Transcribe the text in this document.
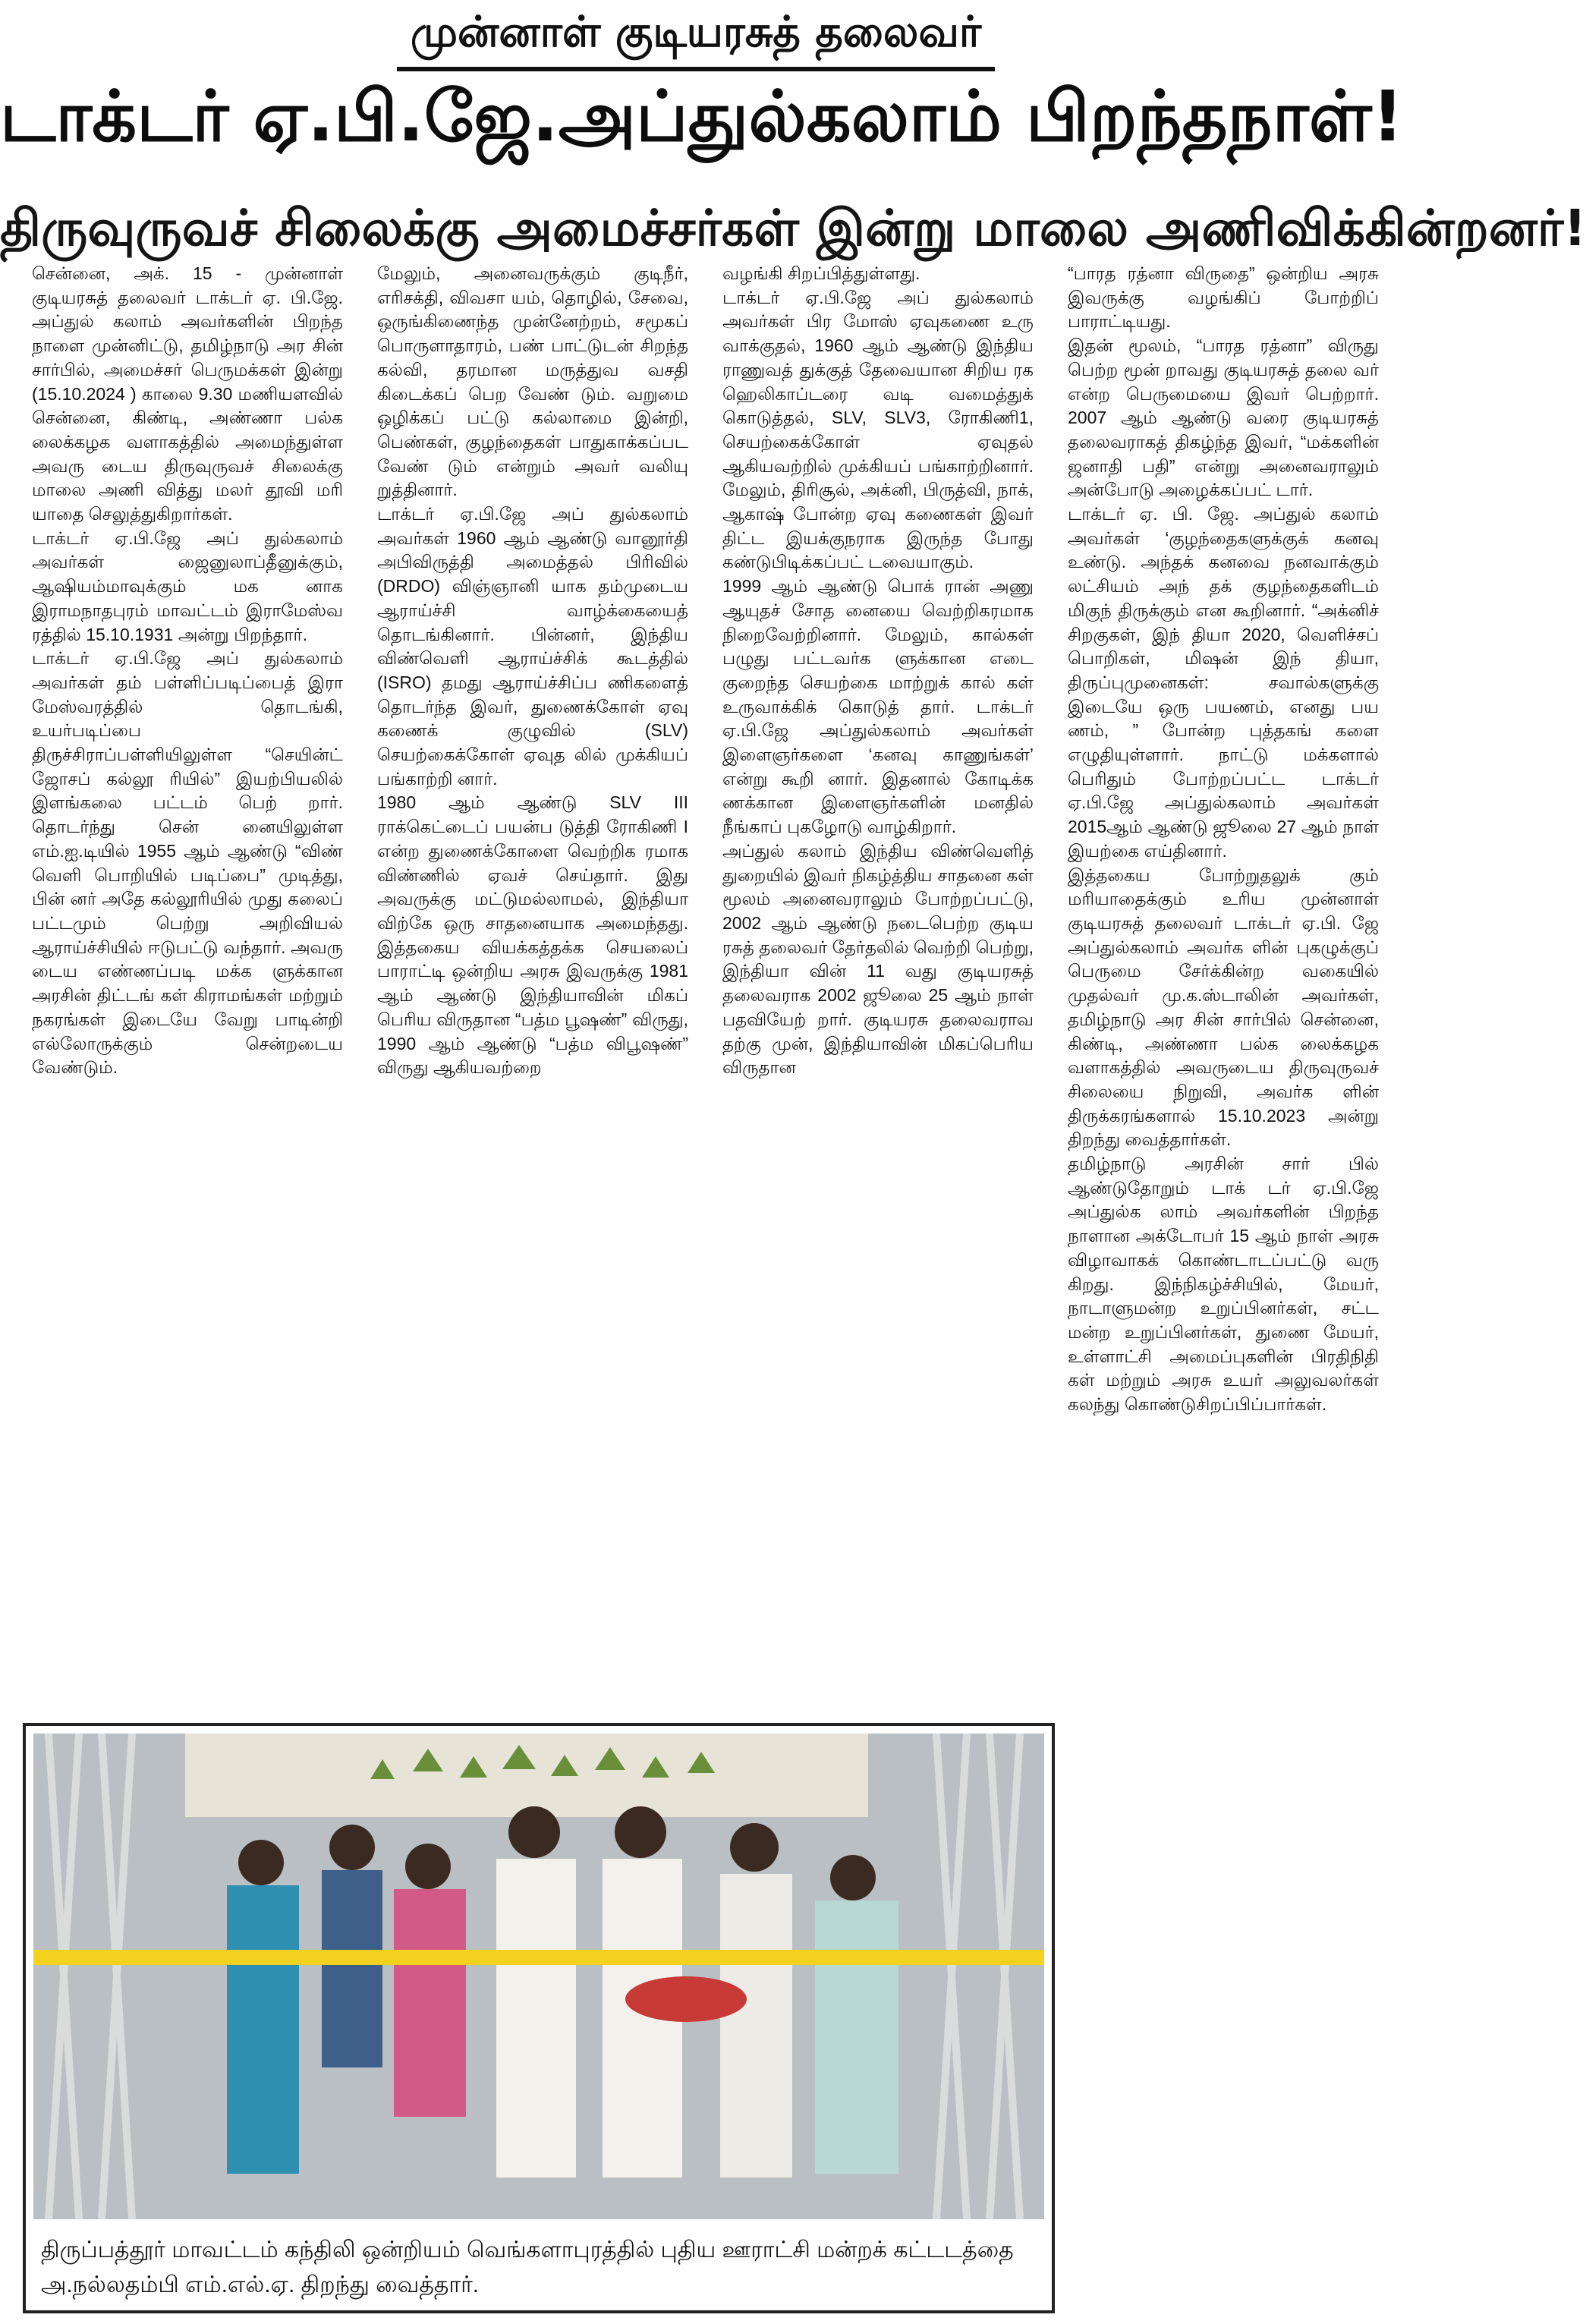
முன்னாள் குடியரசுத் தலைவர்
டாக்டர் ஏ.பி.ஜே.அப்துல்கலாம் பிறந்தநாள்!
திருவுருவச் சிலைக்கு அமைச்சர்கள் இன்று மாலை அணிவிக்கின்றனர்!

சென்னை, அக். 15 - முன்னாள் குடியரசுத் தலைவர் டாக்டர் ஏ. பி.ஜே. அப்துல் கலாம் அவர்களின் பிறந்த நாளை முன்னிட்டு, தமிழ்நாடு அர சின் சார்பில், அமைச்சர் பெருமக்கள் இன்று (15.10.2024 ) காலை 9.30 மணியளவில் சென்னை, கிண்டி, அண்ணா பல்க லைக்கழக வளாகத்தில் அமைந்துள்ள அவரு டைய திருவுருவச் சிலைக்கு மாலை அணி வித்து மலர் தூவி மரி யாதை செலுத்துகிறார்கள்.

டாக்டர் ஏ.பி.ஜே அப் துல்கலாம் அவர்கள் ஜைனுலாப்தீனுக்கும், ஆஷியம்மாவுக்கும் மக னாக இராமநாதபுரம் மாவட்டம் இராமேஸ்வ ரத்தில் 15.10.1931 அன்று பிறந்தார்.

டாக்டர் ஏ.பி.ஜே அப் துல்கலாம் அவர்கள் தம் பள்ளிப்படிப்பைத் இரா மேஸ்வரத்தில் தொடங்கி, உயர்படிப்பை திருச்சிராப்பள்ளியிலுள்ள “செயின்ட் ஜோசப் கல்லூ ரியில்” இயற்பியலில் இளங்கலை பட்டம் பெற் றார். தொடர்ந்து சென் னையிலுள்ள எம்.ஐ.டியில் 1955 ஆம் ஆண்டு “விண் வெளி பொறியில் படிப்பை” முடித்து, பின் னர் அதே கல்லூரியில் முது கலைப் பட்டமும் பெற்று அறிவியல் ஆராய்ச்சியில் ஈடுபட்டு வந்தார். அவரு டைய எண்ணப்படி மக்க ளுக்கான அரசின் திட்டங் கள் கிராமங்கள் மற்றும் நகரங்கள் இடையே வேறு பாடின்றி எல்லோருக்கும் சென்றடைய வேண்டும்.

மேலும், அனைவருக்கும் குடிநீர், எரிசக்தி, விவசா யம், தொழில், சேவை, ஒருங்கிணைந்த முன்னேற்றம், சமூகப் பொருளாதாரம், பண் பாட்டுடன் சிறந்த கல்வி, தரமான மருத்துவ வசதி கிடைக்கப் பெற வேண் டும். வறுமை ஒழிக்கப் பட்டு கல்லாமை இன்றி, பெண்கள், குழந்தைகள் பாதுகாக்கப்பட வேண் டும் என்றும் அவர் வலியு றுத்தினார்.

டாக்டர் ஏ.பி.ஜே அப் துல்கலாம் அவர்கள் 1960 ஆம் ஆண்டு வானூர்தி அபிவிருத்தி அமைத்தல் பிரிவில் (DRDO) விஞ்ஞானி யாக தம்முடைய ஆராய்ச்சி வாழ்க்கையைத் தொடங்கினார். பின்னர், இந்திய விண்வெளி ஆராய்ச்சிக் கூடத்தில் (ISRO) தமது ஆராய்ச்சிப்ப ணிகளைத் தொடர்ந்த இவர், துணைக்கோள் ஏவு கணைக் குழுவில் (SLV) செயற்கைக்கோள் ஏவுத லில் முக்கியப் பங்காற்றி னார்.

1980 ஆம் ஆண்டு SLV III ராக்கெட்டைப் பயன்ப டுத்தி ரோகிணி I என்ற துணைக்கோளை வெற்றிக ரமாக விண்ணில் ஏவச் செய்தார். இது அவருக்கு மட்டுமல்லாமல், இந்தியா விற்கே ஒரு சாதனையாக அமைந்தது. இத்தகைய வியக்கத்தக்க செயலைப் பாராட்டி ஒன்றிய அரசு இவருக்கு 1981 ஆம் ஆண்டு இந்தியாவின் மிகப் பெரிய விருதான “பத்ம பூஷண்” விருது, 1990 ஆம் ஆண்டு “பத்ம விபூஷண்” விருது ஆகியவற்றை

வழங்கி சிறப்பித்துள்ளது.

டாக்டர் ஏ.பி.ஜே அப் துல்கலாம் அவர்கள் பிர மோஸ் ஏவுகணை உரு வாக்குதல், 1960 ஆம் ஆண்டு இந்திய ராணுவத் துக்குத் தேவையான சிறிய ரக ஹெலிகாப்டரை வடி வமைத்துக் கொடுத்தல், SLV, SLV3, ரோகிணி1, செயற்கைக்கோள் ஏவுதல் ஆகியவற்றில் முக்கியப் பங்காற்றினார். மேலும், திரிசூல், அக்னி, பிருத்வி, நாக், ஆகாஷ் போன்ற ஏவு கணைகள் இவர் திட்ட இயக்குநராக இருந்த போது கண்டுபிடிக்கப்பட் டவையாகும்.

1999 ஆம் ஆண்டு பொக் ரான் அணு ஆயுதச் சோத னையை வெற்றிகரமாக நிறைவேற்றினார். மேலும், கால்கள் பழுது பட்டவர்க ளுக்கான எடை குறைந்த செயற்கை மாற்றுக் கால் கள் உருவாக்கிக் கொடுத் தார். டாக்டர் ஏ.பி.ஜே அப்துல்கலாம் அவர்கள் இளைஞர்களை ‘கனவு காணுங்கள்’ என்று கூறி னார். இதனால் கோடிக்க ணக்கான இளைஞர்களின் மனதில் நீங்காப் புகழோடு வாழ்கிறார்.

அப்துல் கலாம் இந்திய விண்வெளித் துறையில் இவர் நிகழ்த்திய சாதனை கள் மூலம் அனைவராலும் போற்றப்பட்டு, 2002 ஆம் ஆண்டு நடைபெற்ற குடிய ரசுத் தலைவர் தேர்தலில் வெற்றி பெற்று, இந்தியா வின் 11 வது குடியரசுத் தலைவராக 2002 ஜூலை 25 ஆம் நாள் பதவியேற் றார். குடியரசு தலைவராவ தற்கு முன், இந்தியாவின் மிகப்பெரிய விருதான

“பாரத ரத்னா விருதை” ஒன்றிய அரசு இவருக்கு வழங்கிப் போற்றிப் பாராட்டியது.

இதன் மூலம், “பாரத ரத்னா” விருது பெற்ற மூன் றாவது குடியரசுத் தலை வர் என்ற பெருமையை இவர் பெற்றார். 2007 ஆம் ஆண்டு வரை குடியரசுத் தலைவராகத் திகழ்ந்த இவர், “மக்களின் ஜனாதி பதி” என்று அனைவராலும் அன்போடு அழைக்கப்பட் டார்.

டாக்டர் ஏ. பி. ஜே. அப்துல் கலாம் அவர்கள் ‘குழந்தைகளுக்குக் கனவு உண்டு. அந்தக் கனவை நனவாக்கும் லட்சியம் அந் தக் குழந்தைகளிடம் மிகுந் திருக்கும் என கூறினார். “அக்னிச் சிறகுகள், இந் தியா 2020, வெளிச்சப் பொறிகள், மிஷன் இந் தியா, திருப்புமுனைகள்: சவால்களுக்கு இடையே ஒரு பயணம், எனது பய ணம், ” போன்ற புத்தகங் களை எழுதியுள்ளார். நாட்டு மக்களால் பெரிதும் போற்றப்பட்ட டாக்டர் ஏ.பி.ஜே அப்துல்கலாம் அவர்கள் 2015ஆம் ஆண்டு ஜூலை 27 ஆம் நாள் இயற்கை எய்தினார்.

இத்தகைய போற்றுதலுக் கும் மரியாதைக்கும் உரிய முன்னாள் குடியரசுத் தலைவர் டாக்டர் ஏ.பி. ஜே அப்துல்கலாம் அவர்க ளின் புகழுக்குப் பெருமை சேர்க்கின்ற வகையில் முதல்வர் மு.க.ஸ்டாலின் அவர்கள், தமிழ்நாடு அர சின் சார்பில் சென்னை, கிண்டி, அண்ணா பல்க லைக்கழக வளாகத்தில் அவருடைய திருவுருவச் சிலையை நிறுவி, அவர்க ளின் திருக்கரங்களால் 15.10.2023 அன்று திறந்து வைத்தார்கள்.

தமிழ்நாடு அரசின் சார் பில் ஆண்டுதோறும் டாக் டர் ஏ.பி.ஜே அப்துல்க லாம் அவர்களின் பிறந்த நாளான அக்டோபர் 15 ஆம் நாள் அரசு விழாவாகக் கொண்டாடப்பட்டு வரு கிறது. இந்நிகழ்ச்சியில், மேயர், நாடாளுமன்ற உறுப்பினர்கள், சட்ட மன்ற உறுப்பினர்கள், துணை மேயர், உள்ளாட்சி அமைப்புகளின் பிரதிநிதி கள் மற்றும் அரசு உயர் அலுவலர்கள் கலந்து கொண்டுசிறப்பிப்பார்கள்.

திருப்பத்தூர் மாவட்டம் கந்திலி ஒன்றியம் வெங்களாபுரத்தில் புதிய ஊராட்சி மன்றக் கட்டடத்தை அ.நல்லதம்பி எம்.எல்.ஏ. திறந்து வைத்தார்.
